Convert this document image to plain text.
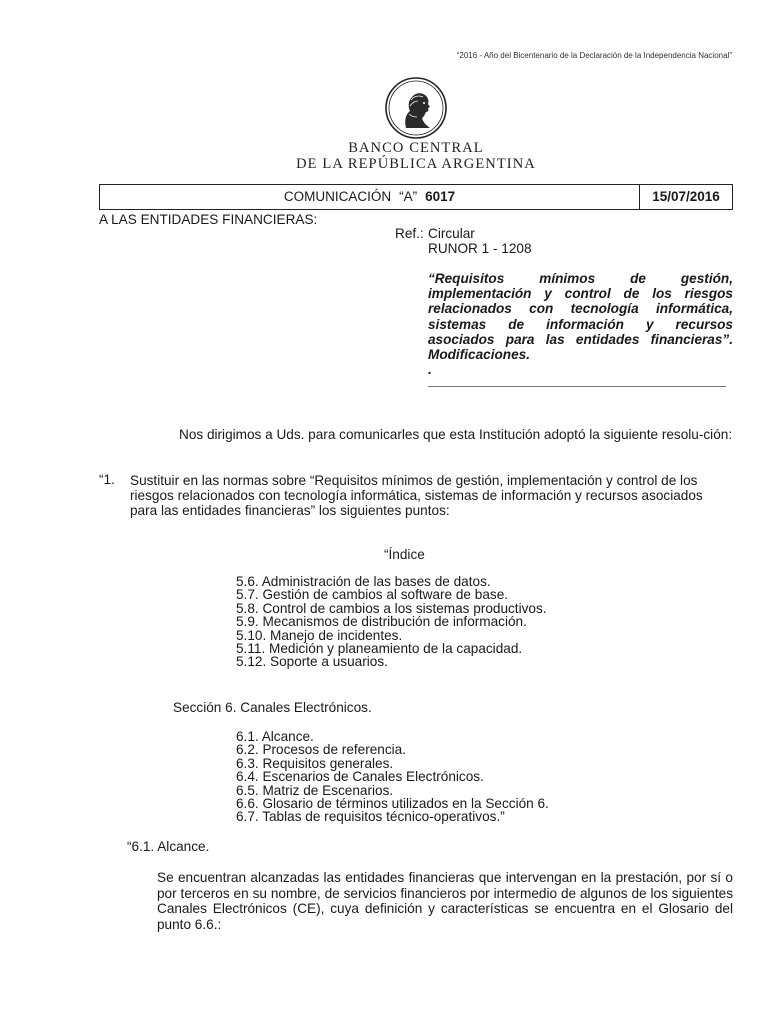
“2016 - Año del Bicentenario de la Declaración de la Independencia Nacional”
BANCO CENTRAL
DE LA REPÚBLICA ARGENTINA
COMUNICACIÓN “A” 6017	15/07/2016
A LAS ENTIDADES FINANCIERAS:
Ref.: Circular
RUNOR 1 - 1208
“Requisitos mínimos de gestión,
implementación y control de los riesgos
relacionados con tecnología informática,
sistemas de información y recursos
asociados para las entidades financieras”.
Modificaciones.
.
Nos dirigimos a Uds. para comunicarles que esta Institución adoptó la siguiente resolu-ción:
“1. Sustituir en las normas sobre “Requisitos mínimos de gestión, implementación y control de los riesgos relacionados con tecnología informática, sistemas de información y recursos asociados para las entidades financieras” los siguientes puntos:
“Índice
5.6. Administración de las bases de datos.
5.7. Gestión de cambios al software de base.
5.8. Control de cambios a los sistemas productivos.
5.9. Mecanismos de distribución de información.
5.10. Manejo de incidentes.
5.11. Medición y planeamiento de la capacidad.
5.12. Soporte a usuarios.
Sección 6. Canales Electrónicos.
6.1. Alcance.
6.2. Procesos de referencia.
6.3. Requisitos generales.
6.4. Escenarios de Canales Electrónicos.
6.5. Matriz de Escenarios.
6.6. Glosario de términos utilizados en la Sección 6.
6.7. Tablas de requisitos técnico-operativos.”
“6.1. Alcance.
Se encuentran alcanzadas las entidades financieras que intervengan en la prestación, por sí o por terceros en su nombre, de servicios financieros por intermedio de algunos de los siguientes Canales Electrónicos (CE), cuya definición y características se encuentra en el Glosario del punto 6.6.:
